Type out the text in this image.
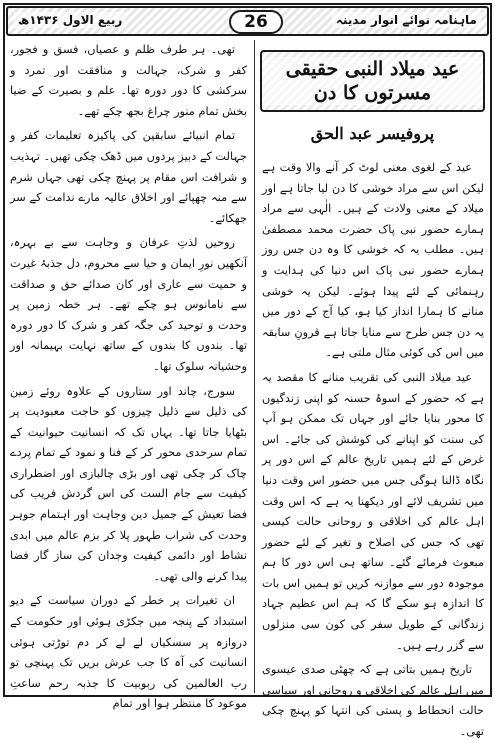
ربیع الاول ۱۴۳۶ھ	26	ماہنامہ نوائے انوار مدینہ
عید میلاد النبی حقیقی مسرتوں کا دن
پروفیسر عبد الحق

عید کے لغوی معنی لوٹ کر آنے والا وقت ہے لیکن اس سے مراد خوشی کا دن لیا جاتا ہے اور میلاد کے معنی ولادت کے ہیں۔ الٰہی سے مراد ہمارے حضور نبی پاک حضرت محمد مصطفیٰ ہیں۔ مطلب یہ کہ خوشی کا وہ دن جس روز ہمارے حضور نبی پاک اس دنیا کی ہدایت و رہنمائی کے لئے پیدا ہوئے۔ لیکن یہ خوشی منانے کا ہمارا انداز کیا ہو، کیا آج کے دور میں یہ دن جس طرح سے منایا جاتا ہے قرونِ سابقہ میں اس کی کوئی مثال ملتی ہے۔

عید میلاد النبی کی تقریب منانے کا مقصد یہ ہے کہ حضور کے اسوۂ حسنہ کو اپنی زندگیوں کا محور بنایا جائے اور جہاں تک ممکن ہو آپ کی سنت کو اپنانے کی کوشش کی جائے۔ اس غرض کے لئے ہمیں تاریخ عالم کے اس دور پر نگاہ ڈالنا ہوگی جس میں حضور اس وقت دنیا میں تشریف لائے اور دیکھنا یہ ہے کہ اس وقت اہل عالم کی اخلاقی و روحانی حالت کیسی تھی کہ جس کی اصلاح و تغیر کے لئے حضور مبعوث فرمائے گئے۔ ساتھ ہی اس دور کا ہم موجودہ دور سے موازنہ کریں تو ہمیں اس بات کا اندازہ ہو سکے گا کہ ہم اس عظیم جہاد زندگانی کے طویل سفر کی کون سی منزلوں سے گزر رہے ہیں۔

تاریخ ہمیں بتاتی ہے کہ چھٹی صدی عیسوی میں اہل عالم کی اخلاقی و روحانی اور سیاسی حالت انحطاط و پستی کی انتہا کو پہنچ چکی تھی۔

تھی۔ ہر طرف ظلم و عصیاں، فسق و فجور، کفر و شرک، جہالت و منافقت اور تمرد و سرکشی کا دور دورہ تھا۔ علم و بصیرت کے ضیا بخش تمام منور چراغ بجھ چکے تھے۔

تمام انبیائے سابقین کی پاکیزہ تعلیمات کفر و جہالت کے دبیز پردوں میں ڈھک چکی تھیں۔ تہذیب و شرافت اس مقام پر پہنچ چکی تھی جہاں شرم سے منہ چھپائے اور اخلاق عالیہ مارے ندامت کے سر جھکائے۔

روحیں لذتِ عرفان و وجاہت سے بے بہرہ، آنکھیں نورِ ایمان و حیا سے محروم، دل جذبۂ غیرت و حمیت سے عاری اور کان صدائے حق و صداقت سے نامانوس ہو چکے تھے۔ ہر خطہ زمین پر وحدت و توحید کی جگہ کفر و شرک کا دور دورہ تھا۔ بندوں کا بندوں کے ساتھ نہایت بہیمانہ اور وحشیانہ سلوک تھا۔

سورج، چاند اور ستاروں کے علاوہ روئے زمین کی ذلیل سے ذلیل چیزوں کو حاجت معبودیت پر بٹھایا جاتا تھا۔ یہاں تک کہ انسانیت حیوانیت کے تمام سرحدی محور کر کے فنا و نمود کے تمام پردے چاک کر چکی تھی اور بڑی چالبازی اور اضطراری کیفیت سے جام الست کی اس گردش فریب کی فضا تعیش کے جمیل دین وجاہت اور اہتمام جوہر وحدت کی شراب طہور پلا کر بزم عالم میں ابدی نشاط اور دائمی کیفیت وجدان کی ساز گار فضا پیدا کرنے والی تھی۔

ان تغیرات پر خطر کے دوران سیاست کے دیو استبداد کے پنجہ میں جکڑی ہوئی اور حکومت کے دروازہ پر سسکیاں لے لے کر دم توڑتی ہوئی انسانیت کی آہ کا جب عرش بریں تک پہنچی تو رب العالمین کی ربوبیت کا جذبہ رحم ساعتِ موعود کا منتظر ہوا اور تمام
